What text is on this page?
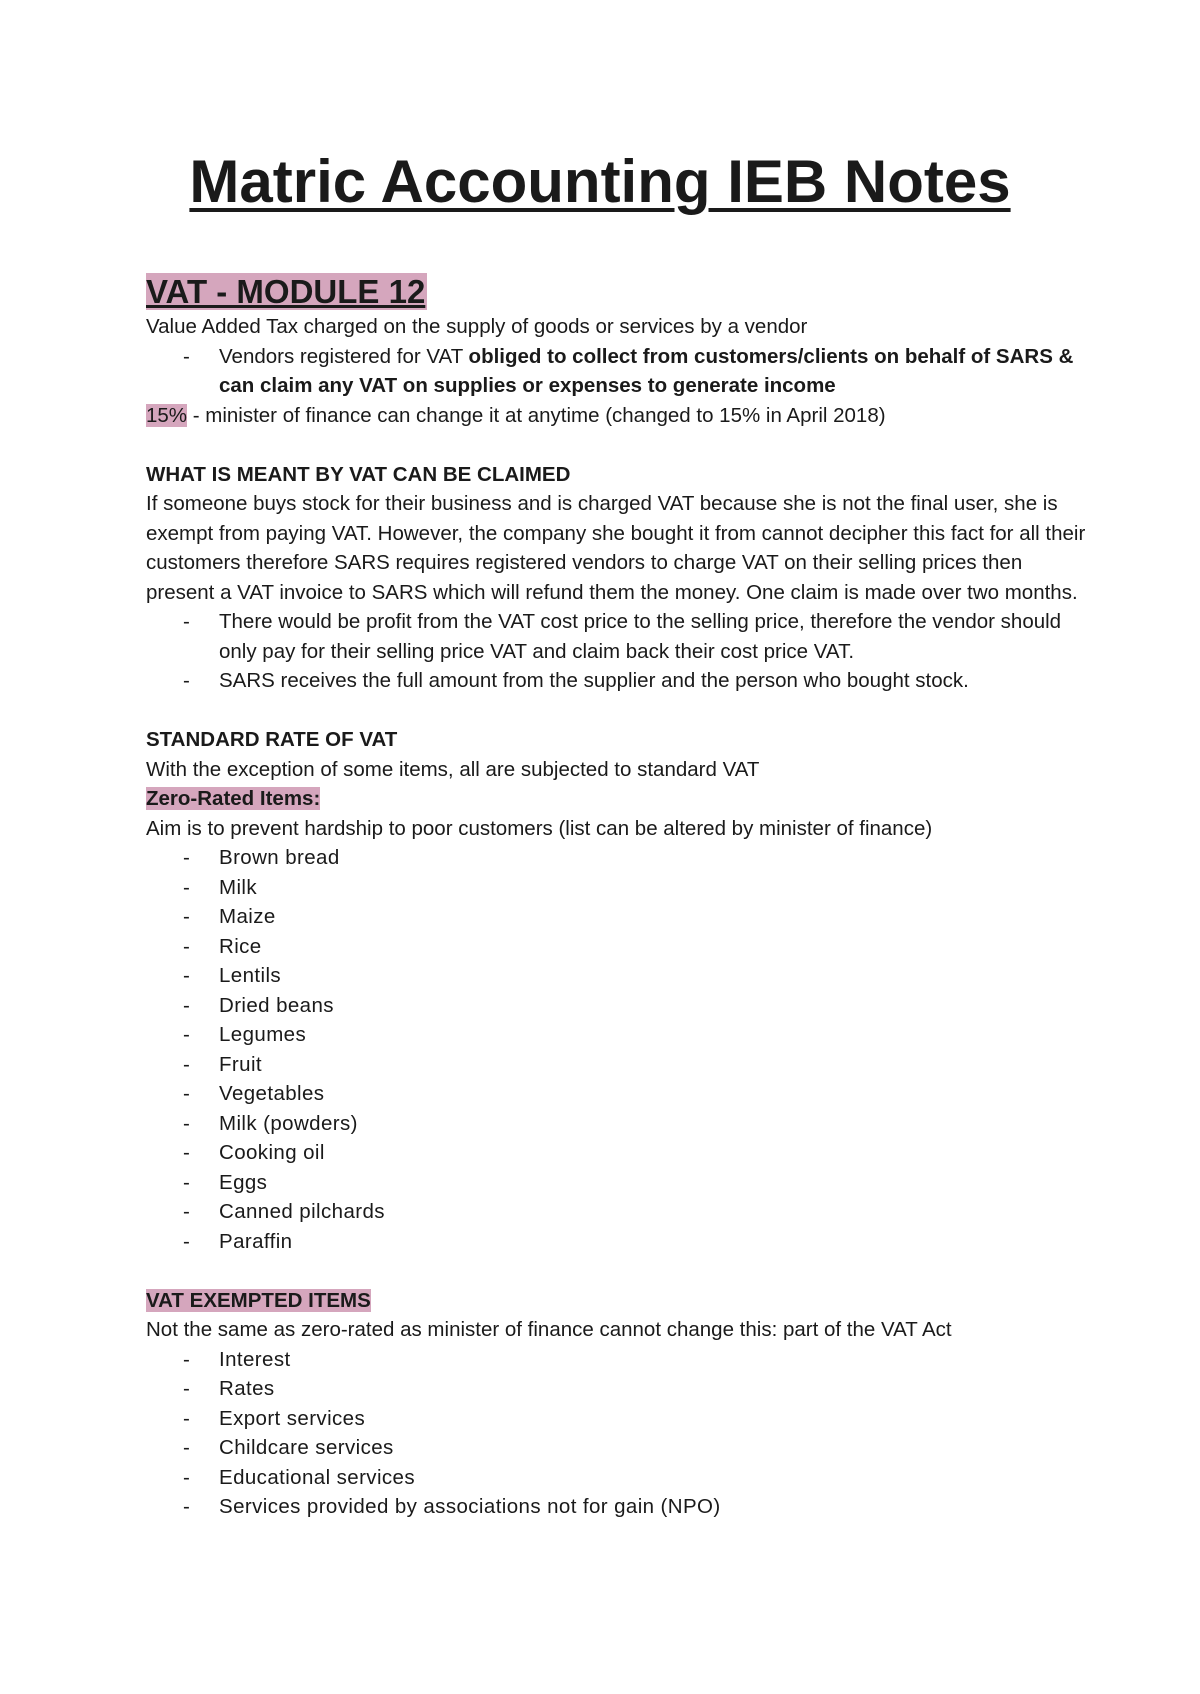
Matric Accounting IEB Notes
VAT - MODULE 12

Value Added Tax charged on the supply of goods or services by a vendor

- Vendors registered for VAT obliged to collect from customers/clients on behalf of SARS & can claim any VAT on supplies or expenses to generate income

15% - minister of finance can change it at anytime (changed to 15% in April 2018)

WHAT IS MEANT BY VAT CAN BE CLAIMED

If someone buys stock for their business and is charged VAT because she is not the final user, she is exempt from paying VAT. However, the company she bought it from cannot decipher this fact for all their customers therefore SARS requires registered vendors to charge VAT on their selling prices then present a VAT invoice to SARS which will refund them the money. One claim is made over two months.

- There would be profit from the VAT cost price to the selling price, therefore the vendor should only pay for their selling price VAT and claim back their cost price VAT.
- SARS receives the full amount from the supplier and the person who bought stock.

STANDARD RATE OF VAT

With the exception of some items, all are subjected to standard VAT

Zero-Rated Items:

Aim is to prevent hardship to poor customers (list can be altered by minister of finance)

- Brown bread
- Milk
- Maize
- Rice
- Lentils
- Dried beans
- Legumes
- Fruit
- Vegetables
- Milk (powders)
- Cooking oil
- Eggs
- Canned pilchards
- Paraffin

VAT EXEMPTED ITEMS

Not the same as zero-rated as minister of finance cannot change this: part of the VAT Act

- Interest
- Rates
- Export services
- Childcare services
- Educational services
- Services provided by associations not for gain (NPO)
